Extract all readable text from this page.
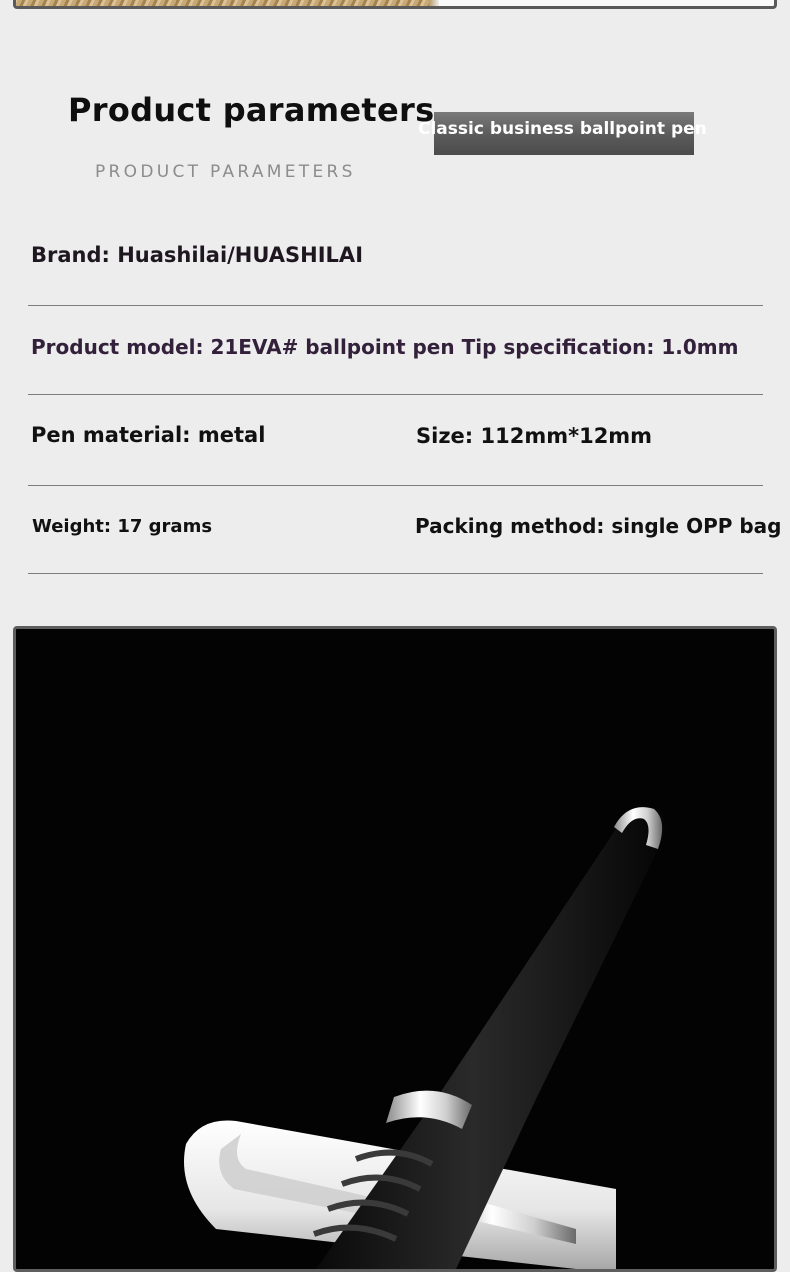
Product parameters
PRODUCT PARAMETERS
Classic business ballpoint pen
Brand: Huashilai/HUASHILAI
Product model: 21EVA# ballpoint pen Tip specification: 1.0mm
Pen material: metal	Size: 112mm*12mm
Weight: 17 grams	Packing method: single OPP bag
